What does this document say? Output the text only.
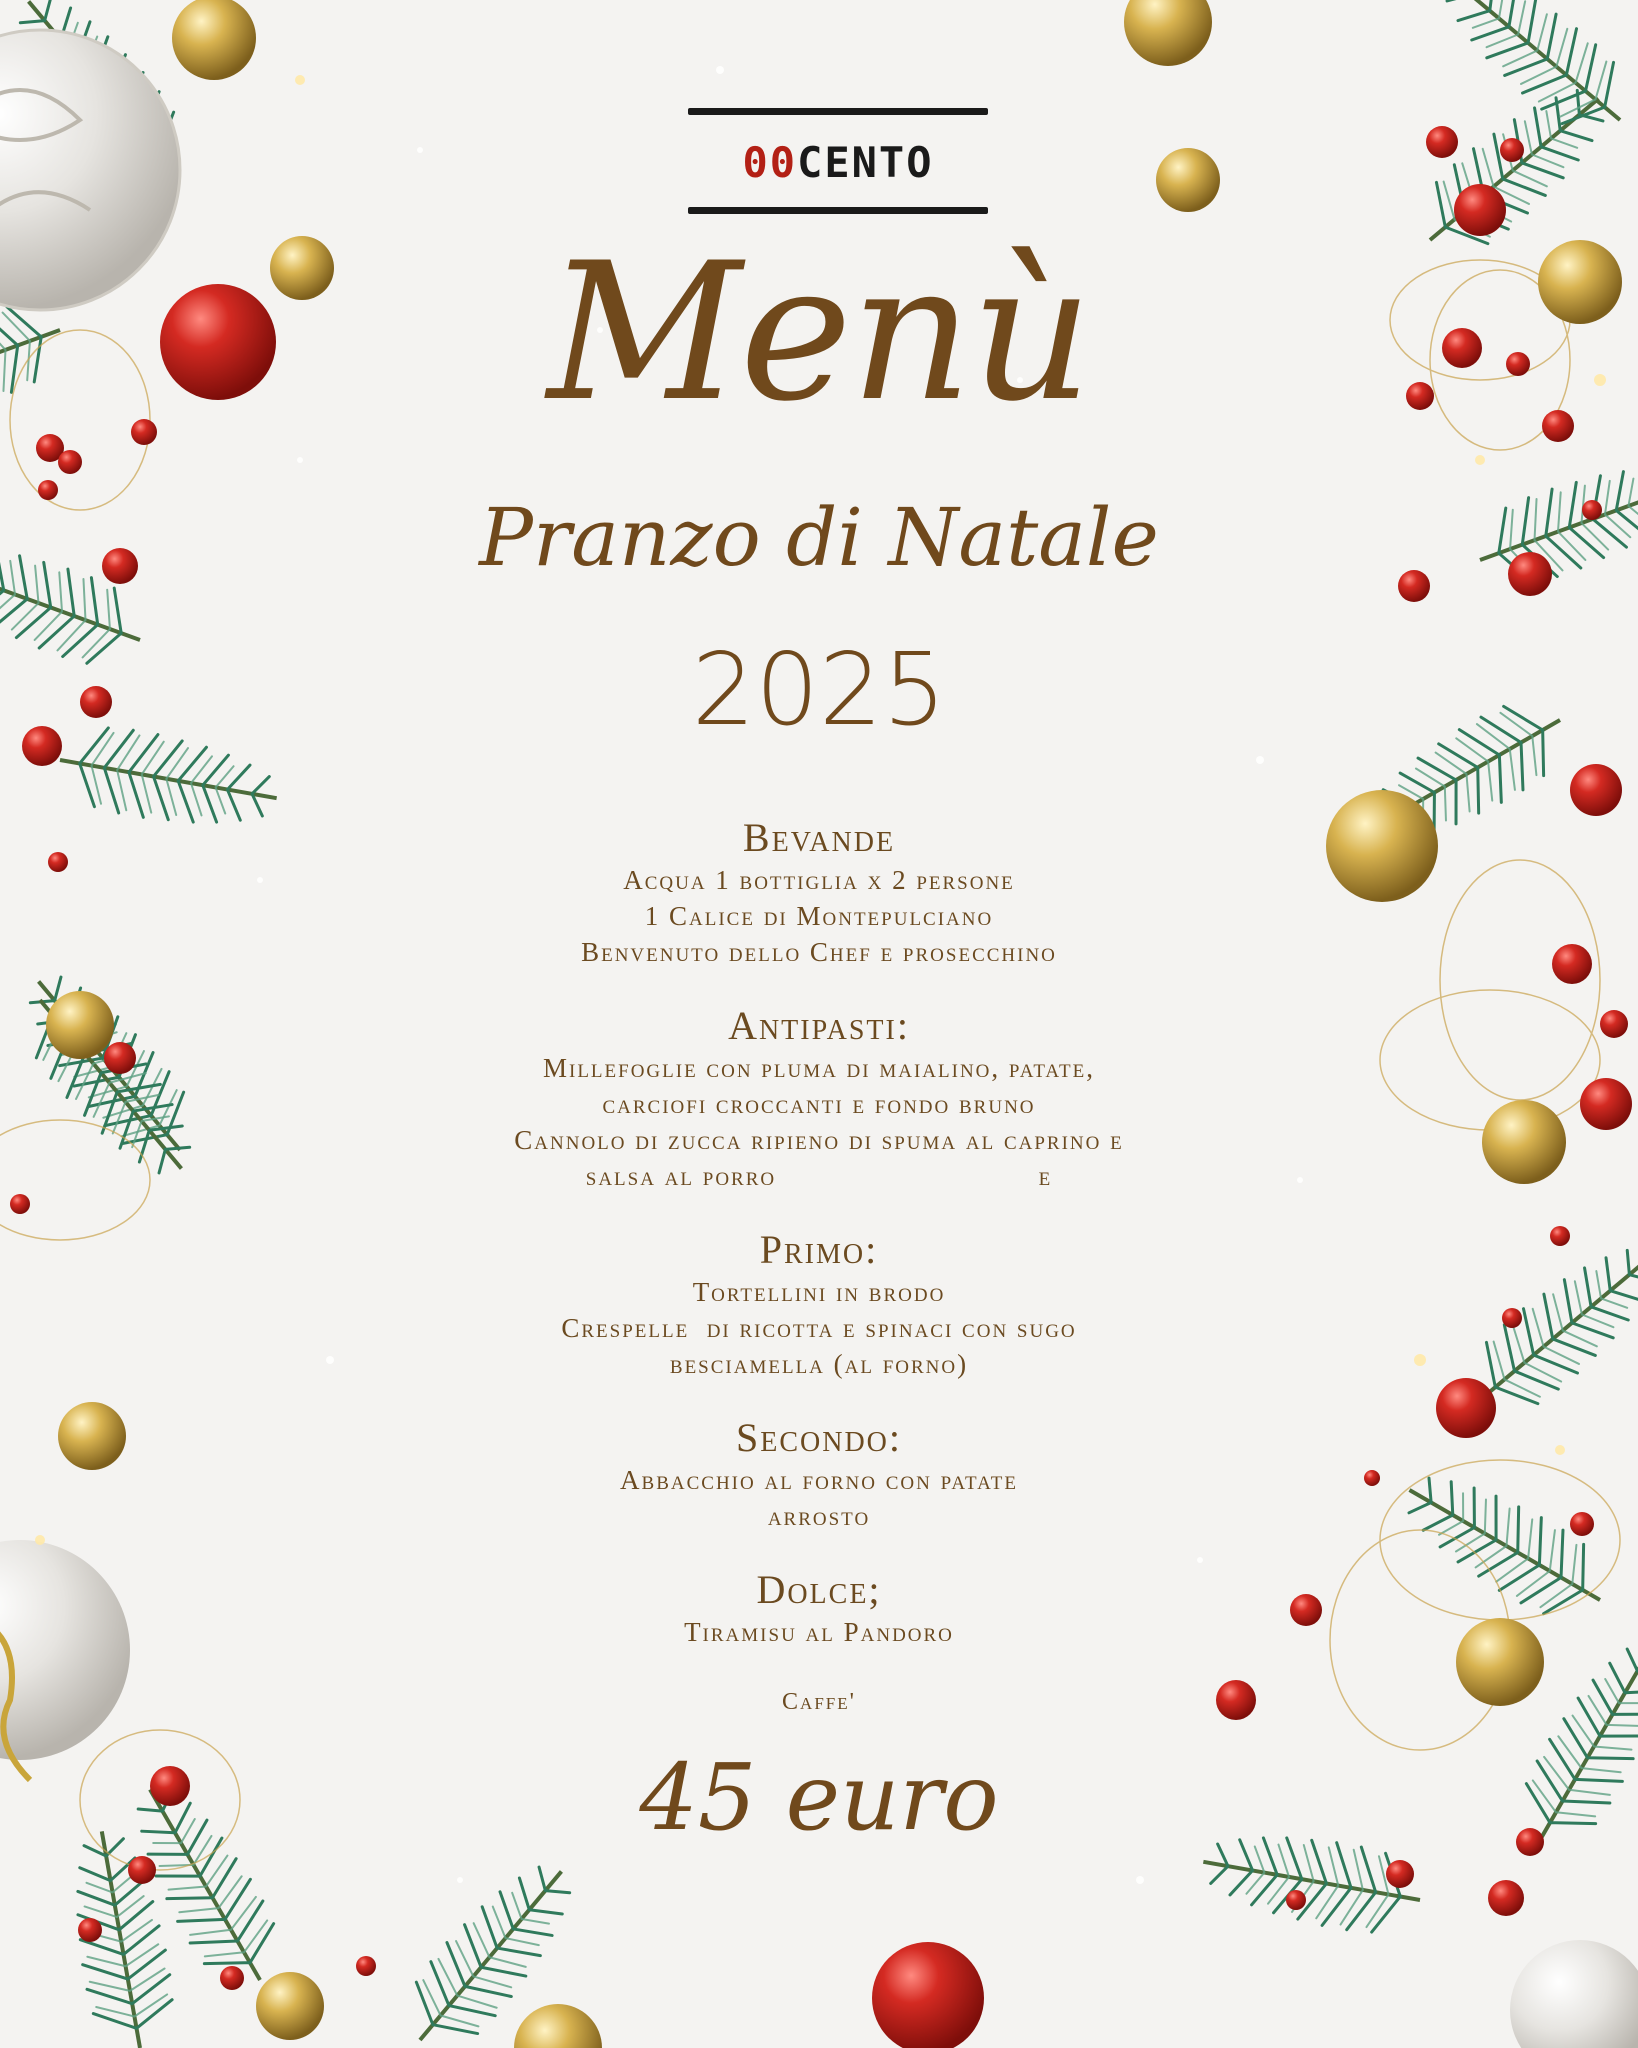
00CENTO
Menù
Pranzo di Natale
2025
Bevande
Acqua 1 bottiglia x 2 persone
1 Calice di Montepulciano
Benvenuto dello Chef e prosecchino
Antipasti:
Millefoglie con pluma di maialino, patate,
carciofi croccanti e fondo bruno
Cannolo di zucca ripieno di spuma al caprino e
salsa al porro                              e
Primo:
Tortellini in brodo
Crespelle  di ricotta e spinaci con sugo
besciamella (al forno)
Secondo:
Abbacchio al forno con patate
arrosto
Dolce;
Tiramisu al Pandoro
Caffe'
45 euro
